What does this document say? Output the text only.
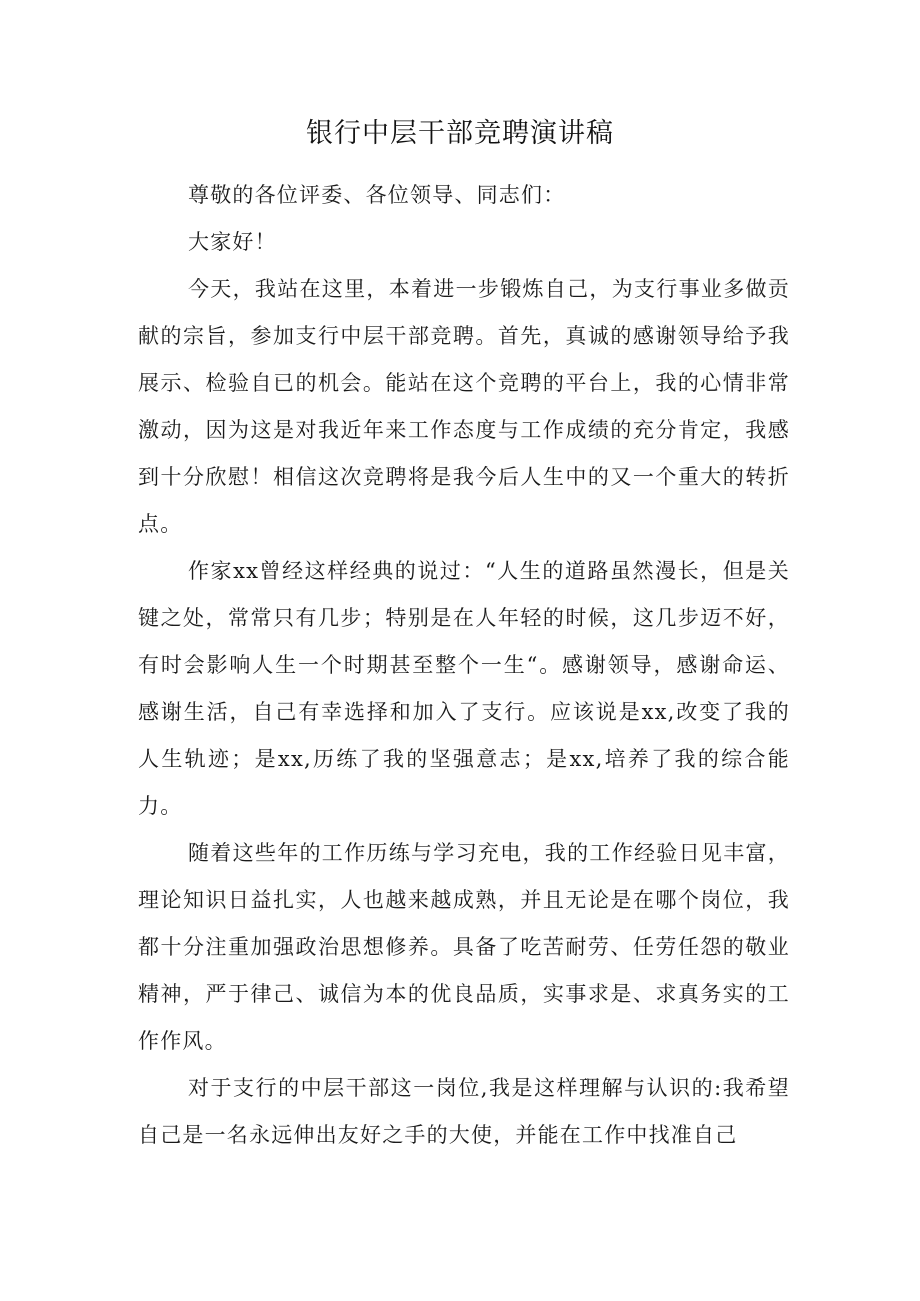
银行中层干部竞聘演讲稿

尊敬的各位评委、各位领导、同志们：

大家好！

今天，我站在这里，本着进一步锻炼自己，为支行事业多做贡献的宗旨，参加支行中层干部竞聘。首先，真诚的感谢领导给予我展示、检验自已的机会。能站在这个竞聘的平台上，我的心情非常激动，因为这是对我近年来工作态度与工作成绩的充分肯定，我感到十分欣慰！相信这次竞聘将是我今后人生中的又一个重大的转折点。

作家xx曾经这样经典的说过：“人生的道路虽然漫长，但是关键之处，常常只有几步；特别是在人年轻的时候，这几步迈不好，有时会影响人生一个时期甚至整个一生“。感谢领导，感谢命运、感谢生活，自己有幸选择和加入了支行。应该说是xx,改变了我的人生轨迹；是xx,历练了我的坚强意志；是xx,培养了我的综合能力。

随着这些年的工作历练与学习充电，我的工作经验日见丰富，理论知识日益扎实，人也越来越成熟，并且无论是在哪个岗位，我都十分注重加强政治思想修养。具备了吃苦耐劳、任劳任怨的敬业精神，严于律己、诚信为本的优良品质，实事求是、求真务实的工作作风。

对于支行的中层干部这一岗位,我是这样理解与认识的:我希望自己是一名永远伸出友好之手的大使，并能在工作中找准自己
